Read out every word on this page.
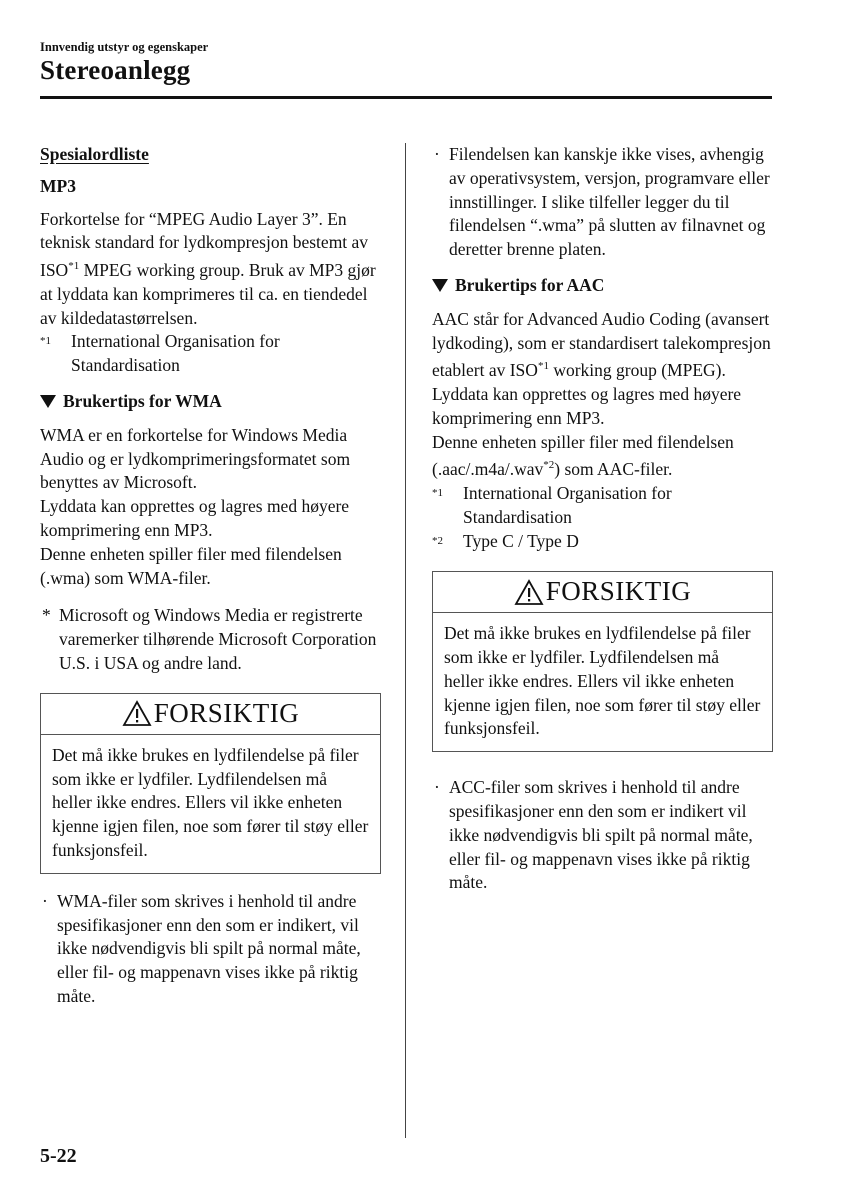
Innvendig utstyr og egenskaper
Stereoanlegg

Spesialordliste

MP3

Forkortelse for “MPEG Audio Layer 3”. En teknisk standard for lydkompresjon bestemt av ISO$^{*1}$ MPEG working group. Bruk av MP3 gjør at lyddata kan komprimeres til ca. en tiendedel av kildedatastørrelsen.

$^{*1}$	International Organisation for Standardisation

Brukertips for WMA

WMA er en forkortelse for Windows Media Audio og er lydkomprimeringsformatet som benyttes av Microsoft.

Lyddata kan opprettes og lagres med høyere komprimering enn MP3.

Denne enheten spiller filer med filendelsen (.wma) som WMA-filer.

* Microsoft og Windows Media er registrerte varemerker tilhørende Microsoft Corporation U.S. i USA og andre land.
FORSIKTIG
Det må ikke brukes en lydfilendelse på filer som ikke er lydfiler. Lydfilendelsen må heller ikke endres. Ellers vil ikke enheten kjenne igjen filen, noe som fører til støy eller funksjonsfeil.
· WMA-filer som skrives i henhold til andre spesifikasjoner enn den som er indikert, vil ikke nødvendigvis bli spilt på normal måte, eller fil- og mappenavn vises ikke på riktig måte.
· Filendelsen kan kanskje ikke vises, avhengig av operativsystem, versjon, programvare eller innstillinger. I slike tilfeller legger du til filendelsen “.wma” på slutten av filnavnet og deretter brenne platen.

Brukertips for AAC

AAC står for Advanced Audio Coding (avansert lydkoding), som er standardisert talekompresjon etablert av ISO$^{*1}$ working group (MPEG). Lyddata kan opprettes og lagres med høyere komprimering enn MP3.

Denne enheten spiller filer med filendelsen (.aac/.m4a/.wav$^{*2}$) som AAC-filer.

$^{*1}$	International Organisation for Standardisation
$^{*2}$	Type C / Type D
FORSIKTIG
Det må ikke brukes en lydfilendelse på filer som ikke er lydfiler. Lydfilendelsen må heller ikke endres. Ellers vil ikke enheten kjenne igjen filen, noe som fører til støy eller funksjonsfeil.
· ACC-filer som skrives i henhold til andre spesifikasjoner enn den som er indikert vil ikke nødvendigvis bli spilt på normal måte, eller fil- og mappenavn vises ikke på riktig måte.
5-22
